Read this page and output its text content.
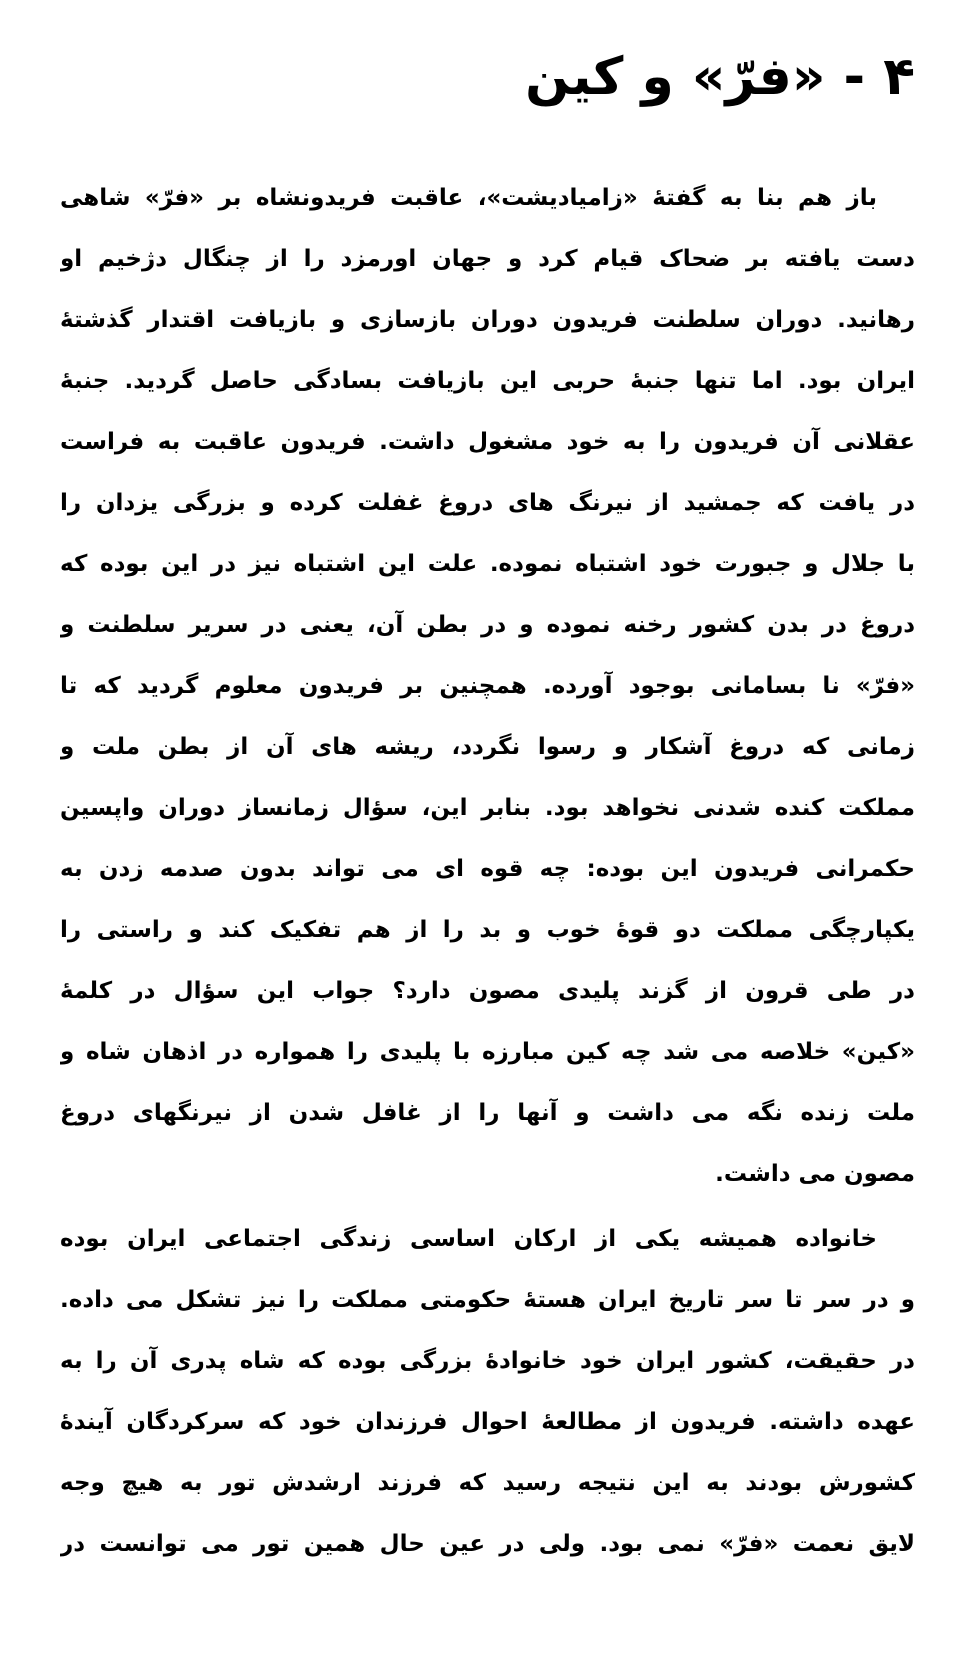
۴ - «فرّ» و کین
باز هم بنا به گفتهٔ «زامیادیشت»، عاقبت فریدونشاه بر «فرّ» شاهی
دست یافته بر ضحاک قیام کرد و جهان اورمزد را از چنگال دژخیم او
رهانید. دوران سلطنت فریدون دوران بازسازی و بازیافت اقتدار گذشتهٔ
ایران بود. اما تنها جنبهٔ حربی این بازیافت بسادگی حاصل گردید. جنبهٔ
عقلانی آن فریدون را به خود مشغول داشت. فریدون عاقبت به فراست
در یافت که جمشید از نیرنگ های دروغ غفلت کرده و بزرگی یزدان را
با جلال و جبورت خود اشتباه نموده. علت این اشتباه نیز در این بوده که
دروغ در بدن کشور رخنه نموده و در بطن آن، یعنی در سریر سلطنت و
«فرّ» نا بسامانی بوجود آورده. همچنین بر فریدون معلوم گردید که تا
زمانی که دروغ آشکار و رسوا نگردد، ریشه های آن از بطن ملت و
مملکت کنده شدنی نخواهد بود. بنابر این، سؤال زمانساز دوران واپسین
حکمرانی فریدون این بوده: چه قوه ای می تواند بدون صدمه زدن به
یکپارچگی مملکت دو قوهٔ خوب و بد را از هم تفکیک کند و راستی را
در طی قرون از گزند پلیدی مصون دارد؟ جواب این سؤال در کلمهٔ
«کین» خلاصه می شد چه کین مبارزه با پلیدی را همواره در اذهان شاه و
ملت زنده نگه می داشت و آنها را از غافل شدن از نیرنگهای دروغ
مصون می داشت.
خانواده همیشه یکی از ارکان اساسی زندگی اجتماعی ایران بوده
و در سر تا سر تاریخ ایران هستهٔ حکومتی مملکت را نیز تشکل می داده.
در حقیقت، کشور ایران خود خانوادهٔ بزرگی بوده که شاه پدری آن را به
عهده داشته. فریدون از مطالعهٔ احوال فرزندان خود که سرکردگان آیندهٔ
کشورش بودند به این نتیجه رسید که فرزند ارشدش تور به هیچ وجه
لایق نعمت «فرّ» نمی بود. ولی در عین حال همین تور می توانست در
